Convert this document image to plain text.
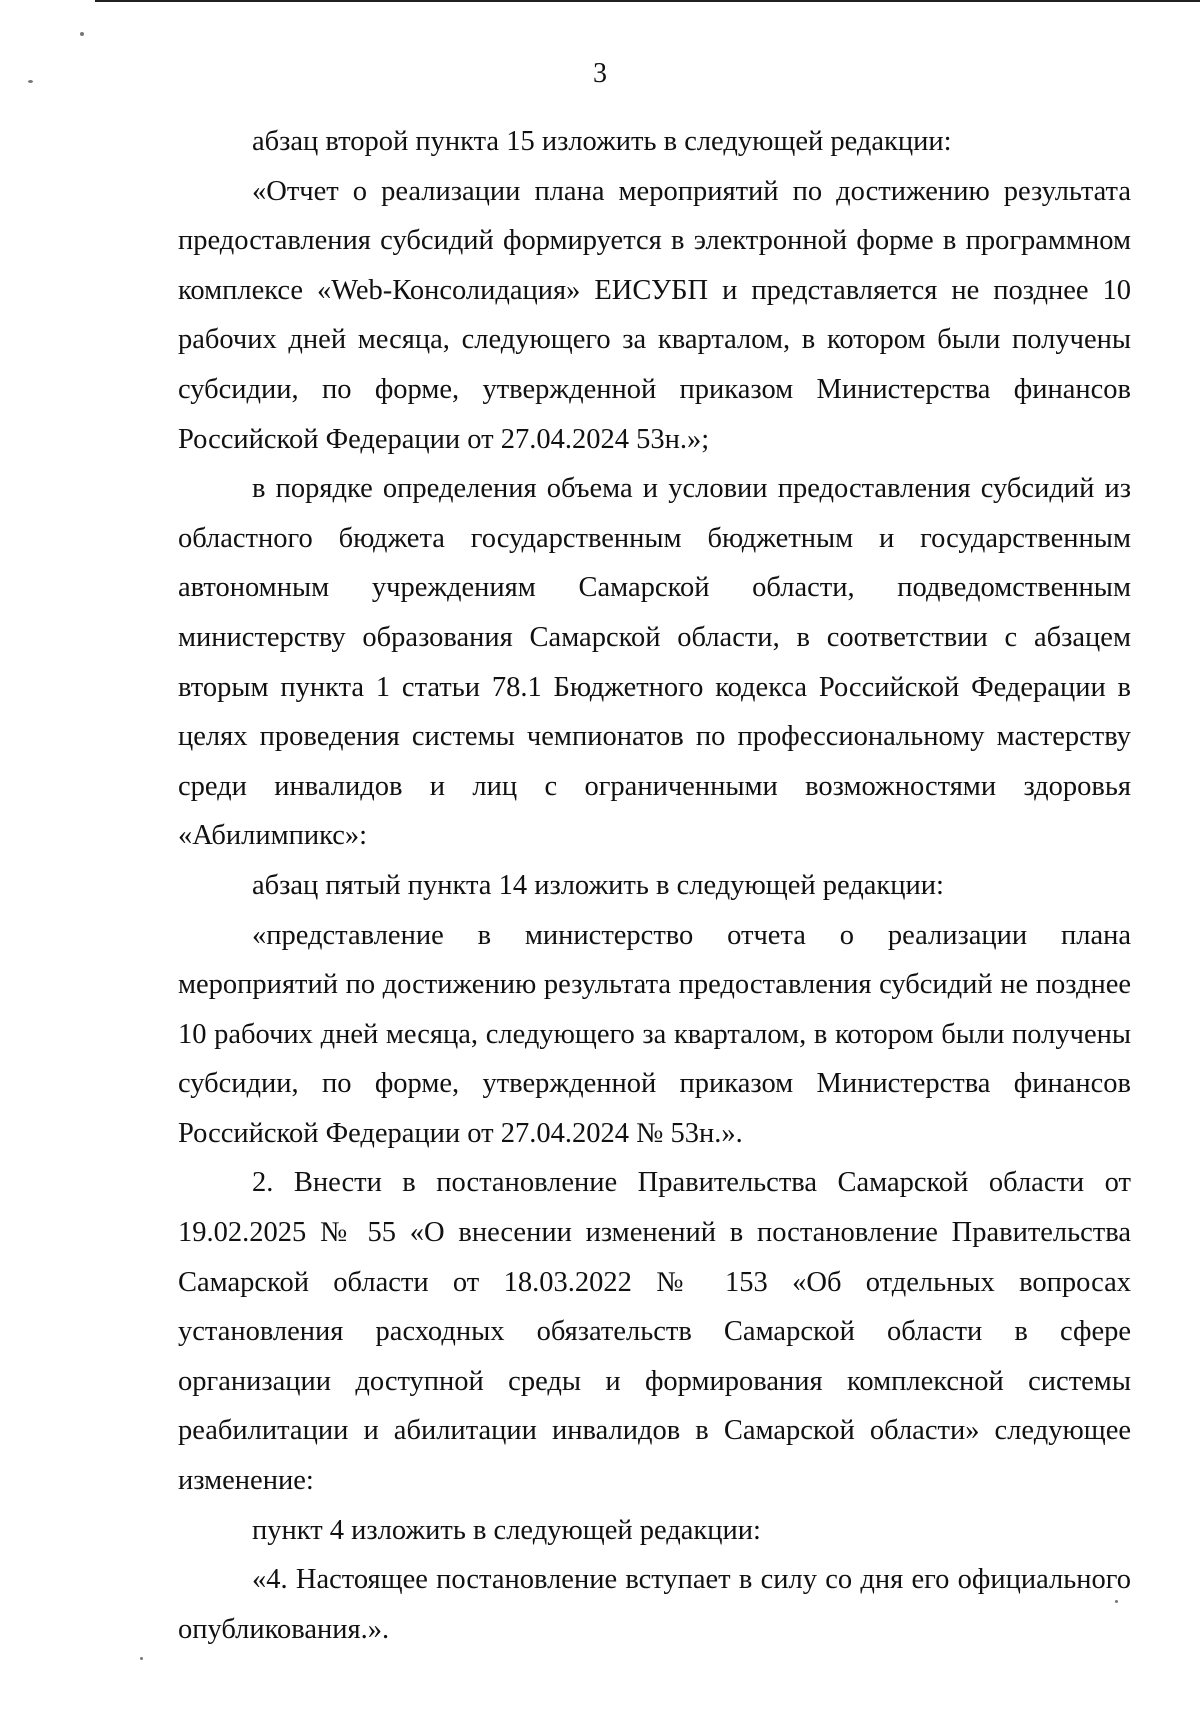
3

абзац второй пункта 15 изложить в следующей редакции:

«Отчет о реализации плана мероприятий по достижению результата предоставления субсидий формируется в электронной форме в программном комплексе «Web-Консолидация» ЕИСУБП и представляется не позднее 10 рабочих дней месяца, следующего за кварталом, в котором были получены субсидии, по форме, утвержденной приказом Министерства финансов Российской Федерации от 27.04.2024 53н.»;

в порядке определения объема и условии предоставления субсидий из областного бюджета государственным бюджетным и государственным автономным учреждениям Самарской области, подведомственным министерству образования Самарской области, в соответствии с абзацем вторым пункта 1 статьи 78.1 Бюджетного кодекса Российской Федерации в целях проведения системы чемпионатов по профессиональному мастерству среди инвалидов и лиц с ограниченными возможностями здоровья «Абилимпикс»:

абзац пятый пункта 14 изложить в следующей редакции:

«представление в министерство отчета о реализации плана мероприятий по достижению результата предоставления субсидий не позднее 10 рабочих дней месяца, следующего за кварталом, в котором были получены субсидии, по форме, утвержденной приказом Министерства финансов Российской Федерации от 27.04.2024 № 53н.».

2. Внести в постановление Правительства Самарской области от 19.02.2025 № 55 «О внесении изменений в постановление Правительства Самарской области от 18.03.2022 № 153 «Об отдельных вопросах установления расходных обязательств Самарской области в сфере организации доступной среды и формирования комплексной системы реабилитации и абилитации инвалидов в Самарской области» следующее изменение:

пункт 4 изложить в следующей редакции:

«4. Настоящее постановление вступает в силу со дня его официального опубликования.».
